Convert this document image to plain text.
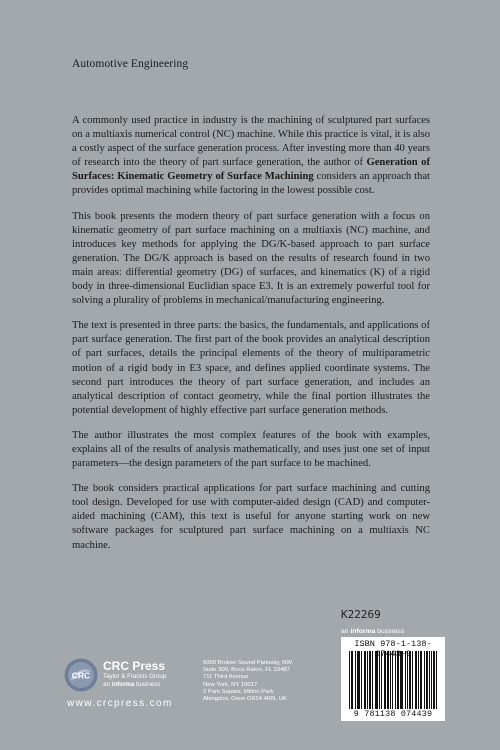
Automotive Engineering

A commonly used practice in industry is the machining of sculptured part surfaces on a multiaxis numerical control (NC) machine. While this practice is vital, it is also a costly aspect of the surface generation process. After investing more than 40 years of research into the theory of part surface generation, the author of Generation of Surfaces: Kinematic Geometry of Surface Machining considers an approach that provides optimal machining while factoring in the lowest possible cost.

This book presents the modern theory of part surface generation with a focus on kinematic geometry of part surface machining on a multiaxis (NC) machine, and introduces key methods for applying the DG/K-based approach to part surface generation. The DG/K approach is based on the results of research found in two main areas: differential geometry (DG) of surfaces, and kinematics (K) of a rigid body in three-dimensional Euclidian space E3. It is an extremely powerful tool for solving a plurality of problems in mechanical/manufacturing engineering.

The text is presented in three parts: the basics, the fundamentals, and applications of part surface generation. The first part of the book provides an analytical description of part surfaces, details the principal elements of the theory of multiparametric motion of a rigid body in E3 space, and defines applied coordinate systems. The second part introduces the theory of part surface generation, and includes an analytical description of contact geometry, while the final portion illustrates the potential development of highly effective part surface generation methods.

The author illustrates the most complex features of the book with examples, explains all of the results of analysis mathematically, and uses just one set of input parameters—the design parameters of the part surface to be machined.

The book considers practical applications for part surface machining and cutting tool design. Developed for use with computer-aided design (CAD) and computer-aided machining (CAM), this text is useful for anyone starting work on new software packages for sculptured part surface machining on a multiaxis NC machine.

K22269
an informa business
ISBN 978-1-138-07443-9
9 781138 074439
CRC
CRC Press
Taylor & Francis Group
an informa business
www.crcpress.com
6000 Broken Sound Parkway, NW
Suite 300, Boca Raton, FL 33487
711 Third Avenue
New York, NY 10017
2 Park Square, Milton Park
Abingdon, Oxon OX14 4RN, UK
